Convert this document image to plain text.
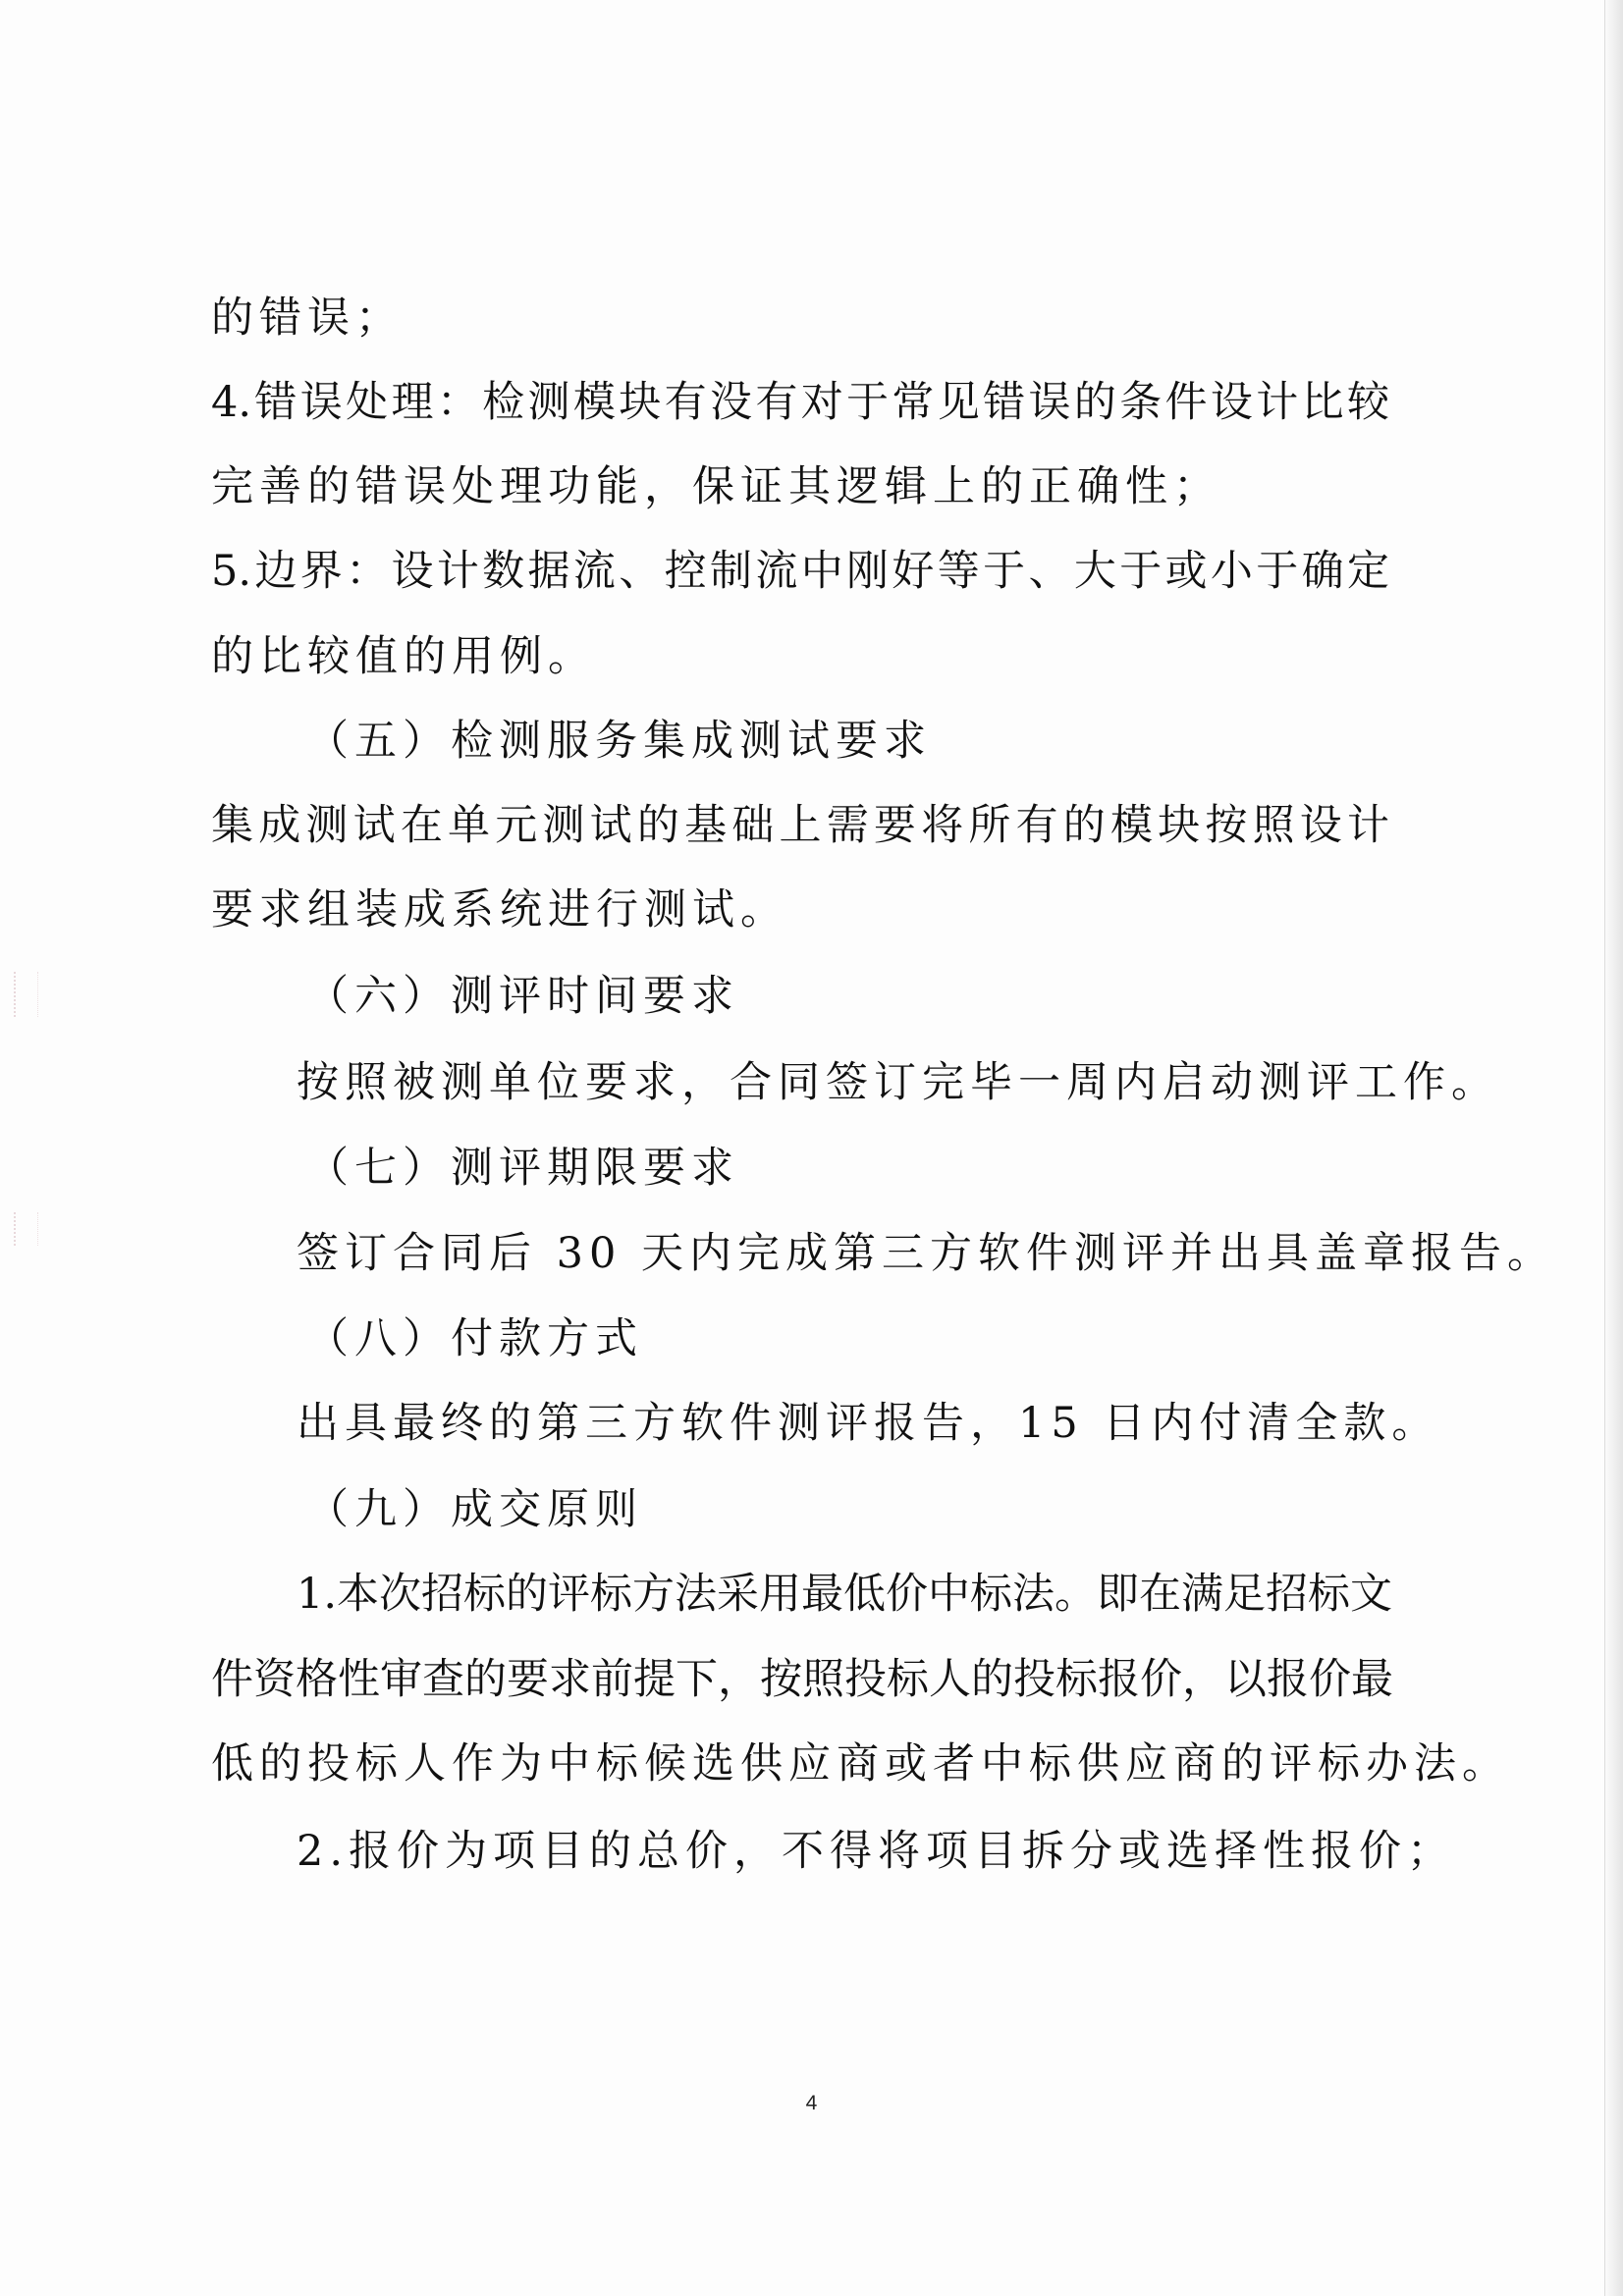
的错误；

4.错误处理：检测模块有没有对于常见错误的条件设计比较

完善的错误处理功能，保证其逻辑上的正确性；

5.边界：设计数据流、控制流中刚好等于、大于或小于确定

的比较值的用例。

（五）检测服务集成测试要求

集成测试在单元测试的基础上需要将所有的模块按照设计

要求组装成系统进行测试。

（六）测评时间要求

按照被测单位要求，合同签订完毕一周内启动测评工作。

（七）测评期限要求

签订合同后 30 天内完成第三方软件测评并出具盖章报告。

（八）付款方式

出具最终的第三方软件测评报告，15 日内付清全款。

（九）成交原则

1.本次招标的评标方法采用最低价中标法。即在满足招标文

件资格性审查的要求前提下，按照投标人的投标报价，以报价最

低的投标人作为中标候选供应商或者中标供应商的评标办法。

2.报价为项目的总价，不得将项目拆分或选择性报价；

4
